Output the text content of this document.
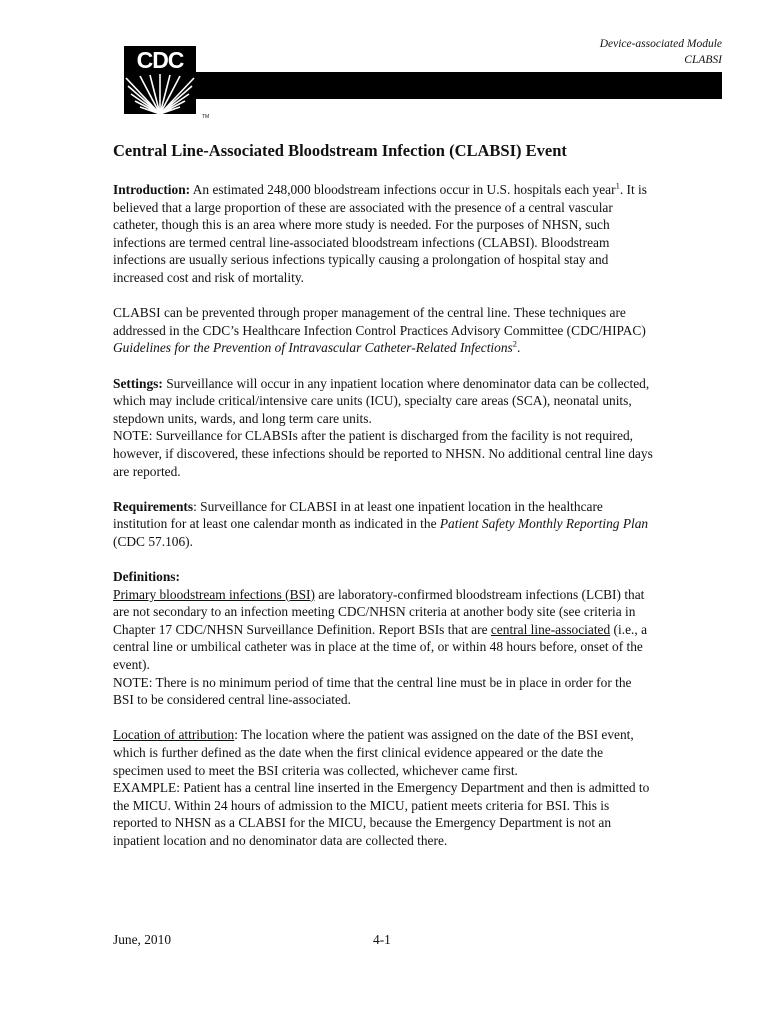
Device-associated Module
CLABSI
CDC
TM
Central Line-Associated Bloodstream Infection (CLABSI) Event

Introduction: An estimated 248,000 bloodstream infections occur in U.S. hospitals each year$^1$. It is believed that a large proportion of these are associated with the presence of a central vascular catheter, though this is an area where more study is needed. For the purposes of NHSN, such infections are termed central line-associated bloodstream infections (CLABSI). Bloodstream infections are usually serious infections typically causing a prolongation of hospital stay and increased cost and risk of mortality.

CLABSI can be prevented through proper management of the central line. These techniques are addressed in the CDC’s Healthcare Infection Control Practices Advisory Committee (CDC/HIPAC) Guidelines for the Prevention of Intravascular Catheter-Related Infections$^2$.

Settings: Surveillance will occur in any inpatient location where denominator data can be collected, which may include critical/intensive care units (ICU), specialty care areas (SCA), neonatal units, stepdown units, wards, and long term care units.
NOTE: Surveillance for CLABSIs after the patient is discharged from the facility is not required, however, if discovered, these infections should be reported to NHSN. No additional central line days are reported.

Requirements: Surveillance for CLABSI in at least one inpatient location in the healthcare institution for at least one calendar month as indicated in the Patient Safety Monthly Reporting Plan (CDC 57.106).

Definitions:
Primary bloodstream infections (BSI) are laboratory-confirmed bloodstream infections (LCBI) that are not secondary to an infection meeting CDC/NHSN criteria at another body site (see criteria in Chapter 17 CDC/NHSN Surveillance Definition. Report BSIs that are central line-associated (i.e., a central line or umbilical catheter was in place at the time of, or within 48 hours before, onset of the event).
NOTE: There is no minimum period of time that the central line must be in place in order for the BSI to be considered central line-associated.

Location of attribution: The location where the patient was assigned on the date of the BSI event, which is further defined as the date when the first clinical evidence appeared or the date the specimen used to meet the BSI criteria was collected, whichever came first.
EXAMPLE: Patient has a central line inserted in the Emergency Department and then is admitted to the MICU. Within 24 hours of admission to the MICU, patient meets criteria for BSI. This is reported to NHSN as a CLABSI for the MICU, because the Emergency Department is not an inpatient location and no denominator data are collected there.

June, 2010	4-1
